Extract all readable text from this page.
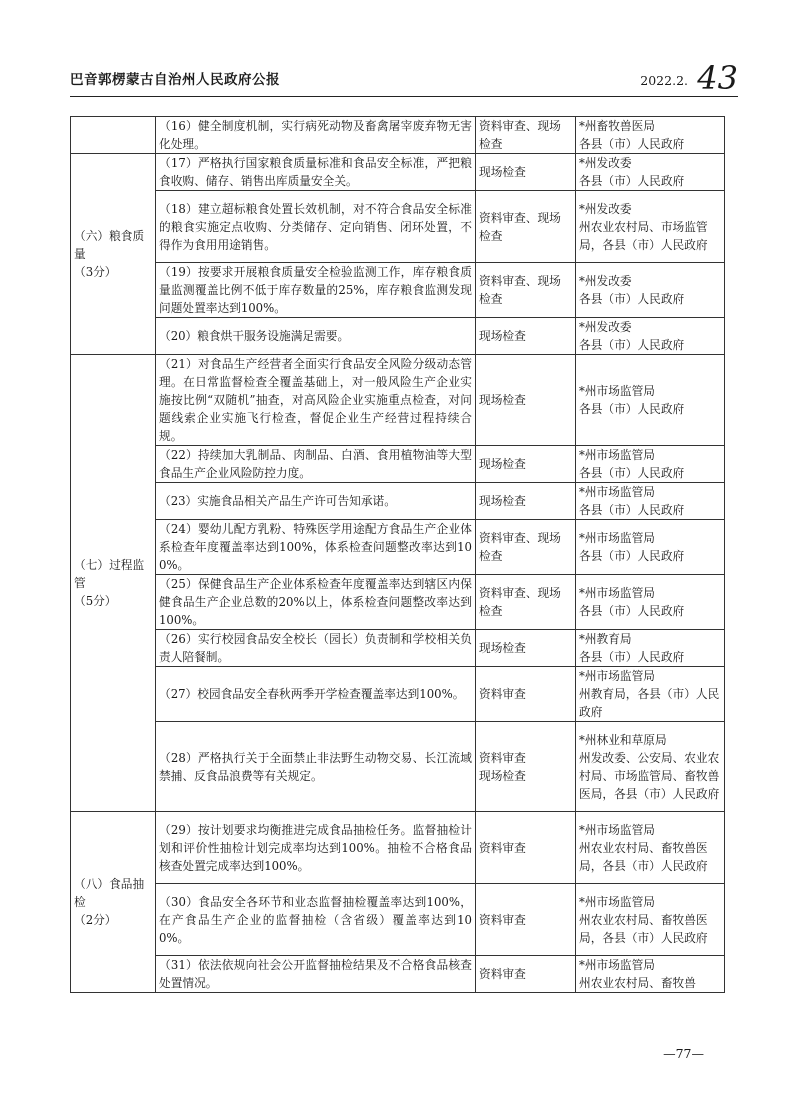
巴音郭楞蒙古自治州人民政府公报	2022.2. 43
	（16）健全制度机制，实行病死动物及畜禽屠宰废弃物无害化处理。	资料审查、现场检查	*州畜牧兽医局
各县（市）人民政府
（六）粮食质量
（3分）	（17）严格执行国家粮食质量标准和食品安全标准，严把粮食收购、储存、销售出库质量安全关。	现场检查	*州发改委
各县（市）人民政府
	（18）建立超标粮食处置长效机制，对不符合食品安全标准的粮食实施定点收购、分类储存、定向销售、闭环处置，不得作为食用用途销售。	资料审查、现场检查	*州发改委
州农业农村局、市场监管局，各县（市）人民政府
	（19）按要求开展粮食质量安全检验监测工作，库存粮食质量监测覆盖比例不低于库存数量的25%，库存粮食监测发现问题处置率达到100%。	资料审查、现场检查	*州发改委
各县（市）人民政府
	（20）粮食烘干服务设施满足需要。	现场检查	*州发改委
各县（市）人民政府
（七）过程监管
（5分）	（21）对食品生产经营者全面实行食品安全风险分级动态管理。在日常监督检查全覆盖基础上，对一般风险生产企业实施按比例“双随机”抽查，对高风险企业实施重点检查，对问题线索企业实施飞行检查，督促企业生产经营过程持续合规。	现场检查	*州市场监管局
各县（市）人民政府
	（22）持续加大乳制品、肉制品、白酒、食用植物油等大型食品生产企业风险防控力度。	现场检查	*州市场监管局
各县（市）人民政府
	（23）实施食品相关产品生产许可告知承诺。	现场检查	*州市场监管局
各县（市）人民政府
	（24）婴幼儿配方乳粉、特殊医学用途配方食品生产企业体系检查年度覆盖率达到100%，体系检查问题整改率达到100%。	资料审查、现场检查	*州市场监管局
各县（市）人民政府
	（25）保健食品生产企业体系检查年度覆盖率达到辖区内保健食品生产企业总数的20%以上，体系检查问题整改率达到100%。	资料审查、现场检查	*州市场监管局
各县（市）人民政府
	（26）实行校园食品安全校长（园长）负责制和学校相关负责人陪餐制。	现场检查	*州教育局
各县（市）人民政府
	（27）校园食品安全春秋两季开学检查覆盖率达到100%。	资料审查	*州市场监管局
州教育局，各县（市）人民政府
	（28）严格执行关于全面禁止非法野生动物交易、长江流域禁捕、反食品浪费等有关规定。	资料审查
现场检查	*州林业和草原局
州发改委、公安局、农业农村局、市场监管局、畜牧兽医局，各县（市）人民政府
（八）食品抽检
（2分）	（29）按计划要求均衡推进完成食品抽检任务。监督抽检计划和评价性抽检计划完成率均达到100%。抽检不合格食品核查处置完成率达到100%。	资料审查	*州市场监管局
州农业农村局、畜牧兽医局，各县（市）人民政府
	（30）食品安全各环节和业态监督抽检覆盖率达到100%，在产食品生产企业的监督抽检（含省级）覆盖率达到100%。	资料审查	*州市场监管局
州农业农村局、畜牧兽医局，各县（市）人民政府
	（31）依法依规向社会公开监督抽检结果及不合格食品核查处置情况。	资料审查	*州市场监管局
州农业农村局、畜牧兽
—77—
